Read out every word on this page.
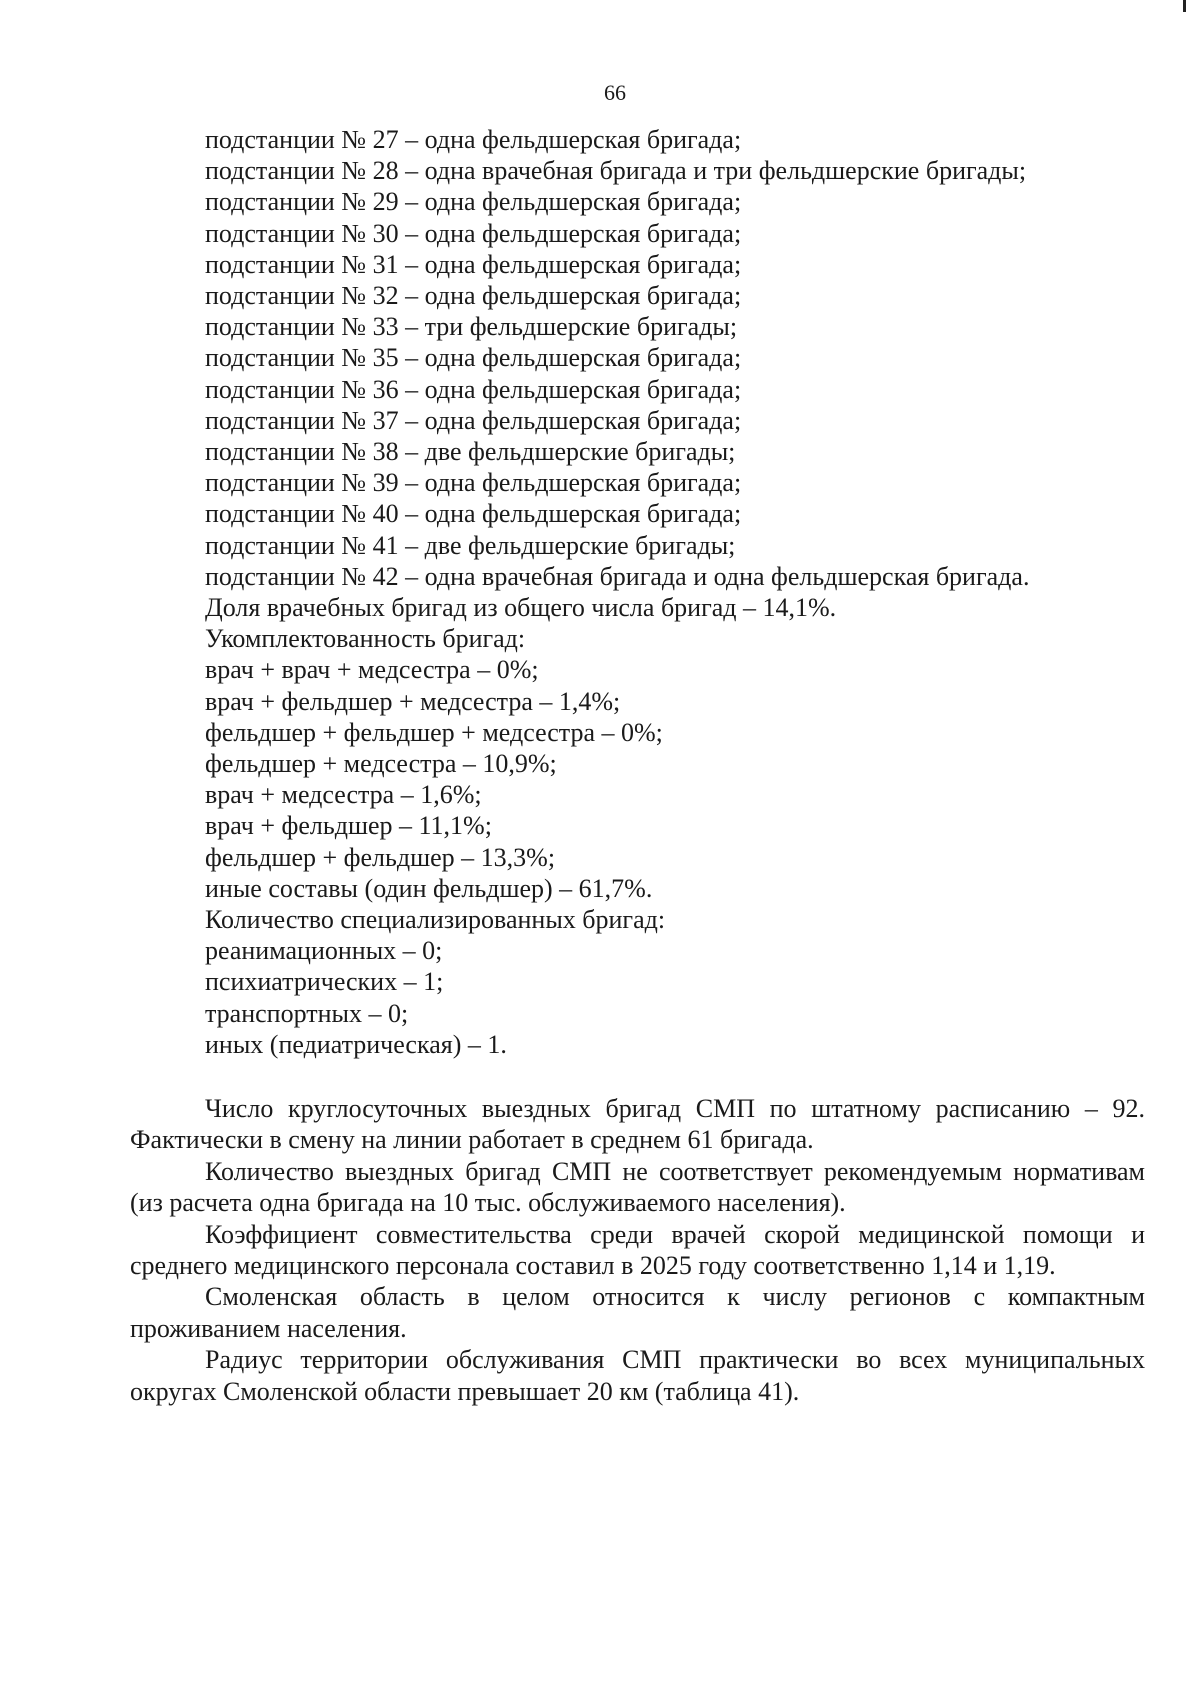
66
подстанции № 27 – одна фельдшерская бригада;
подстанции № 28 – одна врачебная бригада и три фельдшерские бригады;
подстанции № 29 – одна фельдшерская бригада;
подстанции № 30 – одна фельдшерская бригада;
подстанции № 31 – одна фельдшерская бригада;
подстанции № 32 – одна фельдшерская бригада;
подстанции № 33 – три фельдшерские бригады;
подстанции № 35 – одна фельдшерская бригада;
подстанции № 36 – одна фельдшерская бригада;
подстанции № 37 – одна фельдшерская бригада;
подстанции № 38 – две фельдшерские бригады;
подстанции № 39 – одна фельдшерская бригада;
подстанции № 40 – одна фельдшерская бригада;
подстанции № 41 – две фельдшерские бригады;
подстанции № 42 – одна врачебная бригада и одна фельдшерская бригада.
Доля врачебных бригад из общего числа бригад – 14,1%.
Укомплектованность бригад:
врач + врач + медсестра – 0%;
врач + фельдшер + медсестра – 1,4%;
фельдшер + фельдшер + медсестра – 0%;
фельдшер + медсестра – 10,9%;
врач + медсестра – 1,6%;
врач + фельдшер – 11,1%;
фельдшер + фельдшер – 13,3%;
иные составы (один фельдшер) – 61,7%.
Количество специализированных бригад:
реанимационных – 0;
психиатрических – 1;
транспортных – 0;
иных (педиатрическая) – 1.

Число круглосуточных выездных бригад СМП по штатному расписанию – 92. Фактически в смену на линии работает в среднем 61 бригада.

Количество выездных бригад СМП не соответствует рекомендуемым нормативам (из расчета одна бригада на 10 тыс. обслуживаемого населения).

Коэффициент совместительства среди врачей скорой медицинской помощи и среднего медицинского персонала составил в 2025 году соответственно 1,14 и 1,19.

Смоленская область в целом относится к числу регионов с компактным проживанием населения.

Радиус территории обслуживания СМП практически во всех муниципальных округах Смоленской области превышает 20 км (таблица 41).
